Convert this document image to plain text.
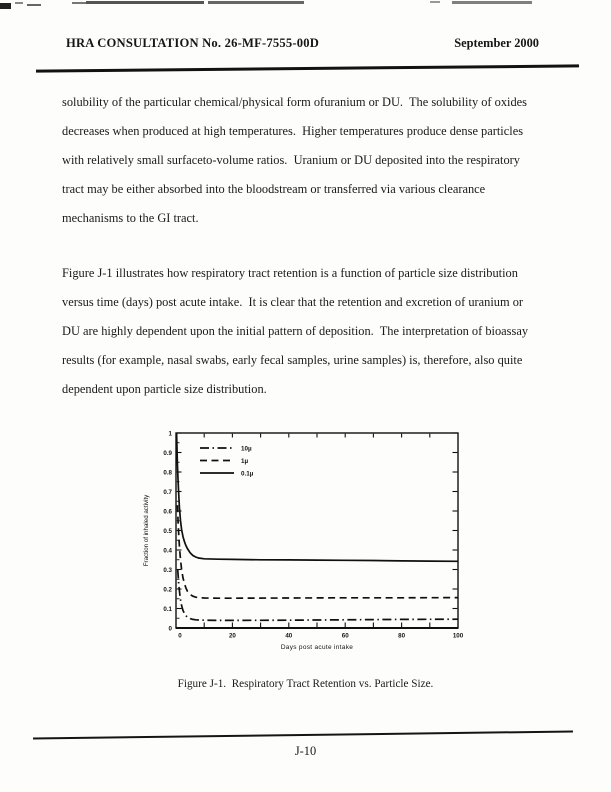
HRA CONSULTATION No. 26-MF-7555-00D	September 2000
solubility of the particular chemical/physical form ofuranium or DU.  The solubility of oxides
decreases when produced at high temperatures.  Higher temperatures produce dense particles
with relatively small surfaceto-volume ratios.  Uranium or DU deposited into the respiratory
tract may be either absorbed into the bloodstream or transferred via various clearance
mechanisms to the GI tract.
Figure J-1 illustrates how respiratory tract retention is a function of particle size distribution
versus time (days) post acute intake.  It is clear that the retention and excretion of uranium or
DU are highly dependent upon the initial pattern of deposition.  The interpretation of bioassay
results (for example, nasal swabs, early fecal samples, urine samples) is, therefore, also quite
dependent upon particle size distribution.
1
0.9
0.8
0.7
0.6
0.5
0.4
0.3
0.2
0.1
0
0	20	40	60	80	100
Fraction of inhaled activity
Days post acute intake
10µ
1µ
0.1µ
Figure J-1.  Respiratory Tract Retention vs. Particle Size.
J-10
